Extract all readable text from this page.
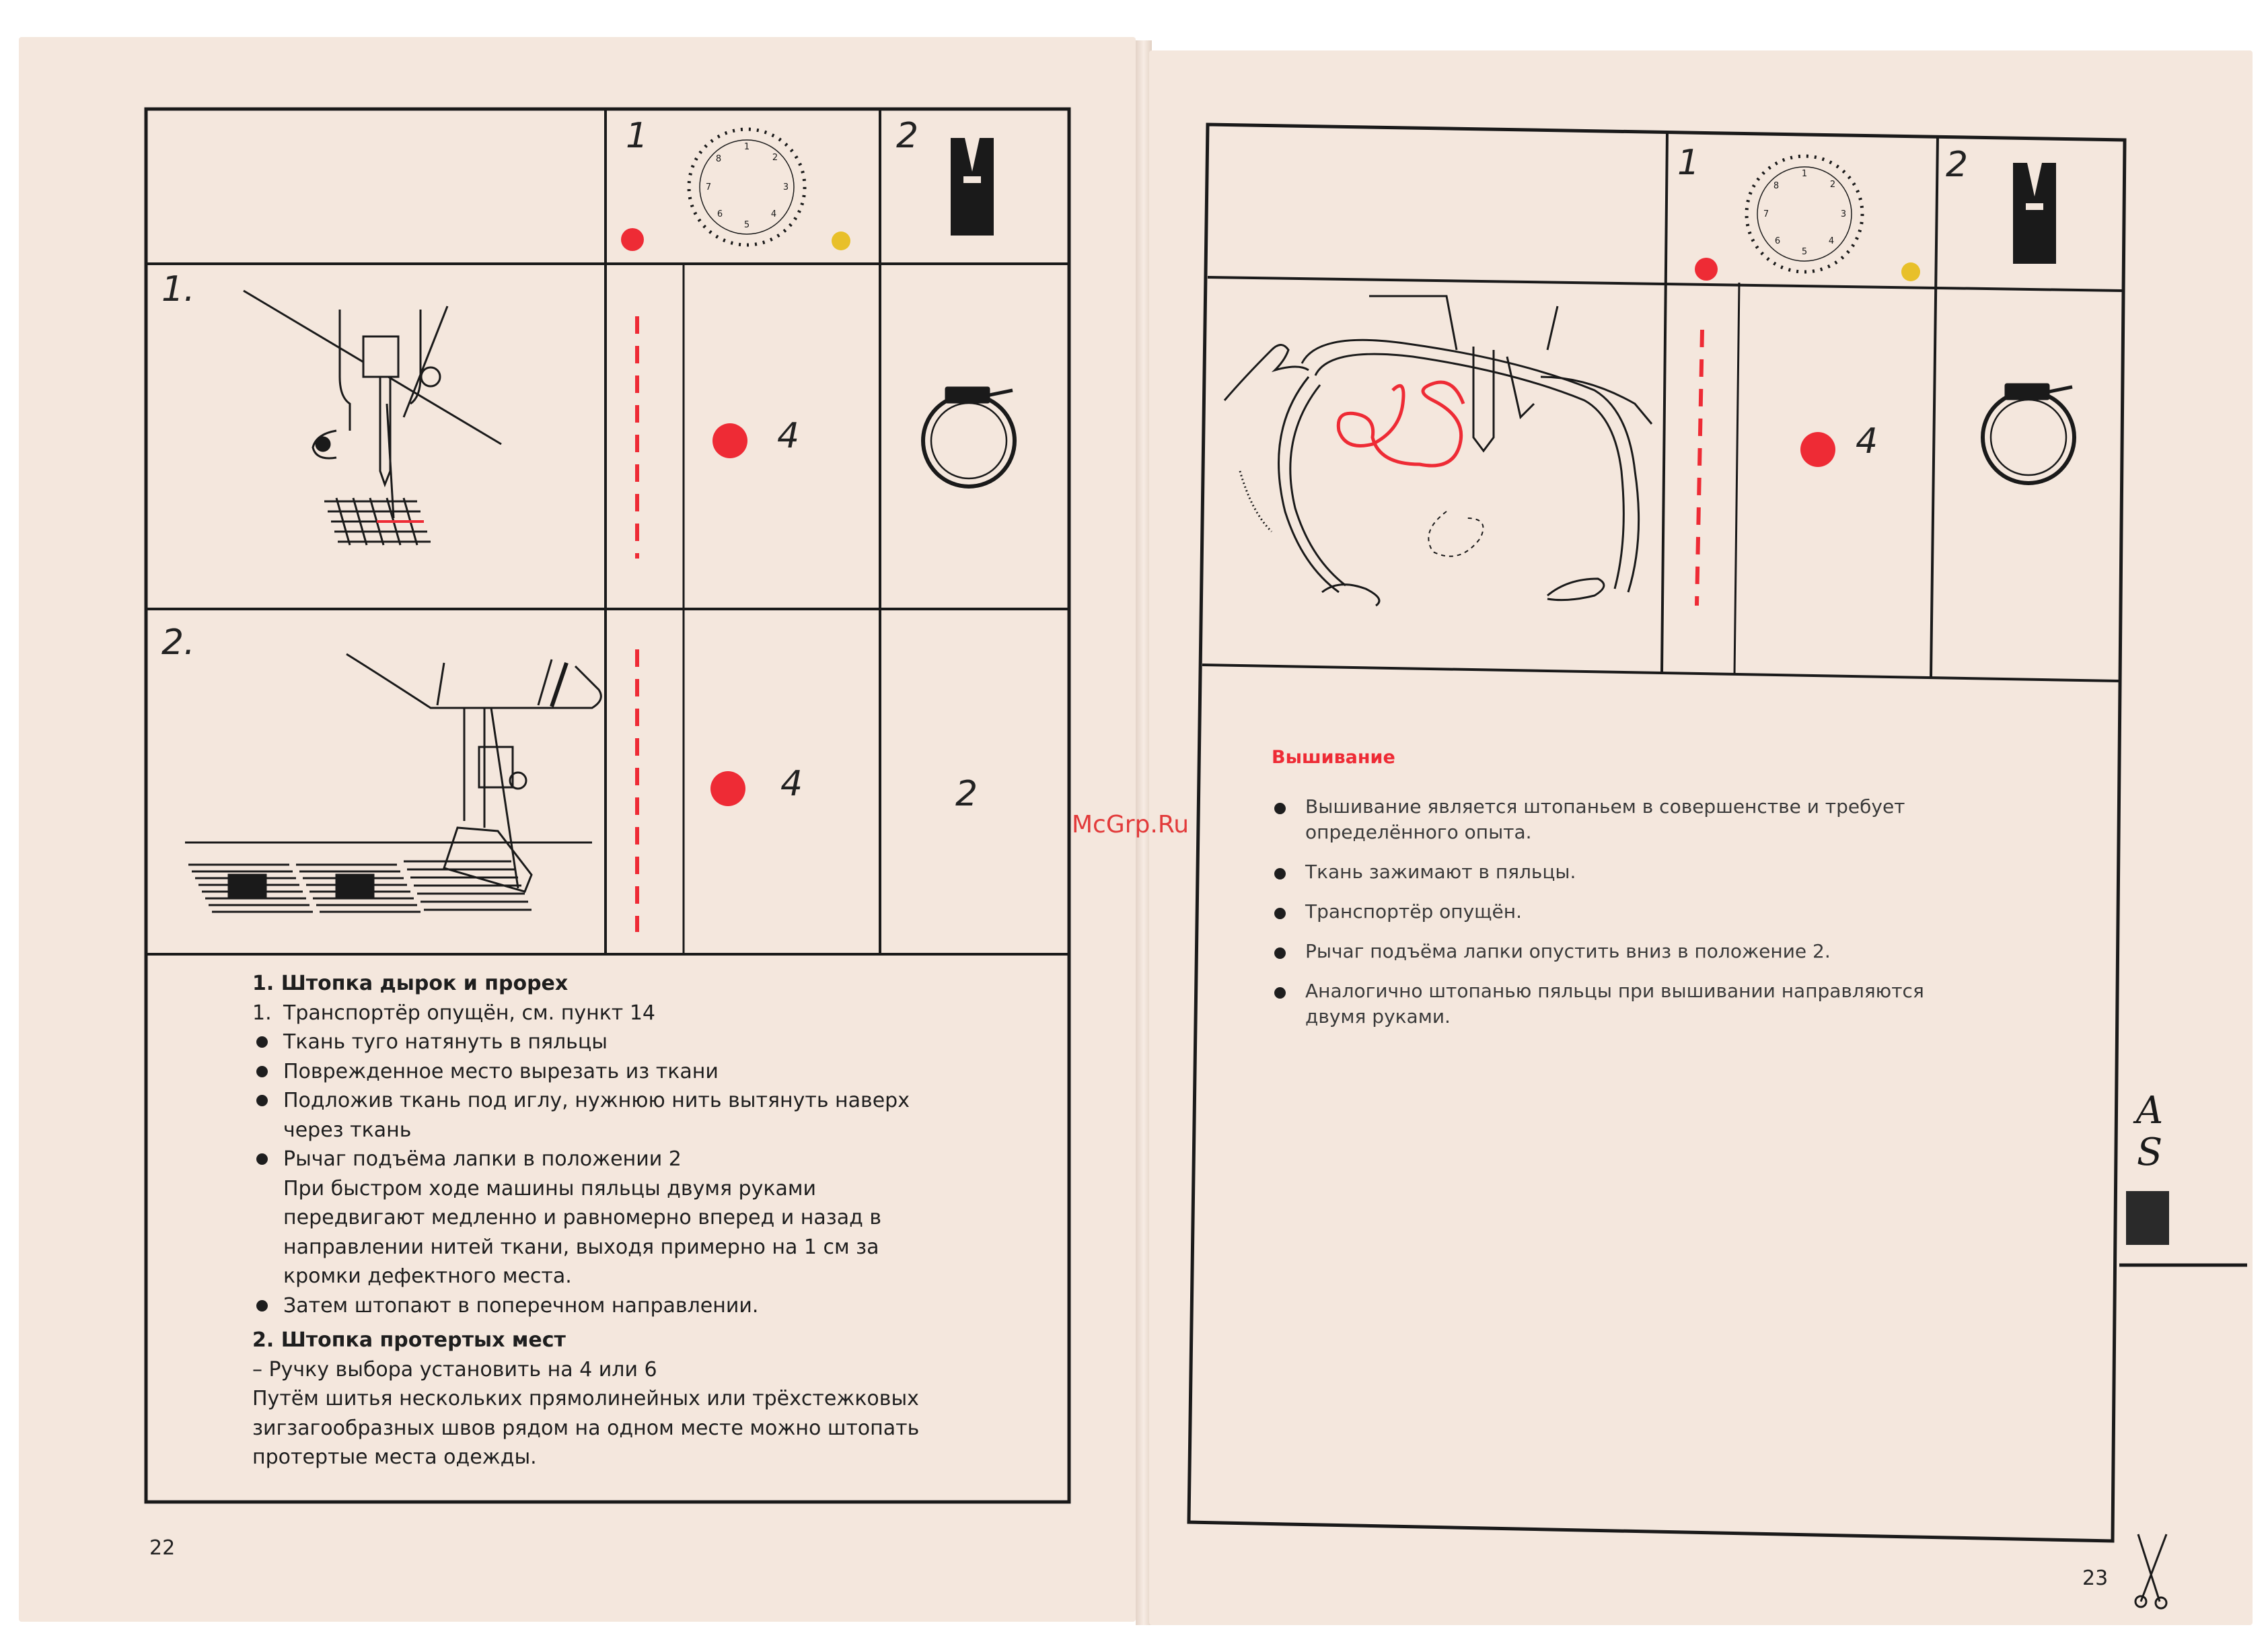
1
2
3
4
5
6
7
8
1
2
3
4
5
6
7
8

1	2

1.

4

2.

4	2

1. Штопка дырок и прорех
1. Транспортёр опущён, см. пункт 14
Ткань туго натянуть в пяльцы
Поврежденное место вырезать из ткани
Подложив ткань под иглу, нужнюю нить вытянуть наверх через ткань
Рычаг подъёма лапки в положении 2
При быстром ходе машины пяльцы двумя руками передвигают медленно и равномерно вперед и назад в направлении нитей ткани, выходя примерно на 1 см за кромки дефектного места.
Затем штопают в поперечном направлении.
2. Штопка протертых мест
– Ручку выбора установить на 4 или 6
Путём шитья нескольких прямолинейных или трёхстежковых зигзагообразных швов рядом на одном месте можно штопать протертые места одежды.

22

1	2

4

Вышивание

Вышивание является штопаньем в совершенстве и требует определённого опыта.
Ткань зажимают в пяльцы.
Транспортёр опущён.
Рычаг подъёма лапки опустить вниз в положение 2.
Аналогично штопанью пяльцы при вышивании направляются двумя руками.

23

A S

McGrp.Ru
